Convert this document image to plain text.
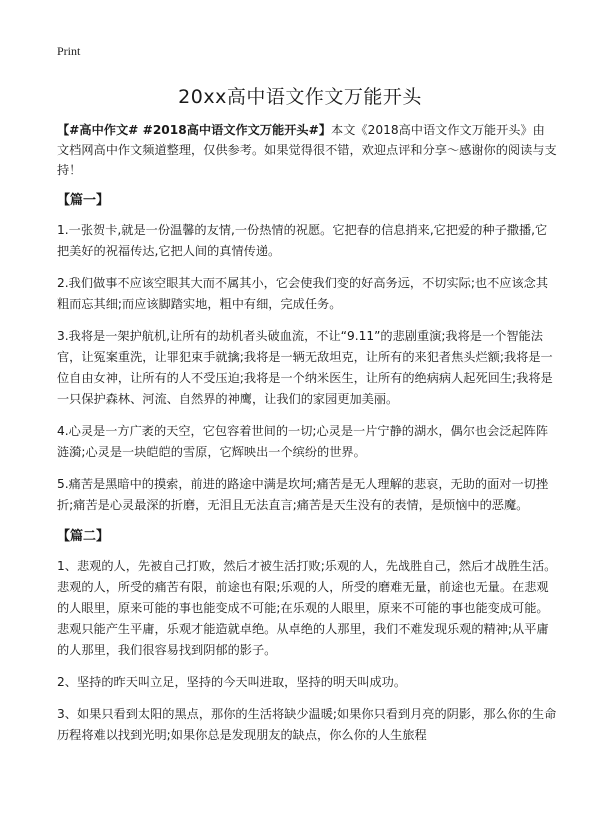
Print
20xx高中语文作文万能开头

【#高中作文# #2018高中语文作文万能开头#】本文《2018高中语文作文万能开头》由文档网高中作文频道整理，仅供参考。如果觉得很不错，欢迎点评和分享～感谢你的阅读与支持！

【篇一】

1.一张贺卡,就是一份温馨的友情,一份热情的祝愿。它把春的信息捎来,它把爱的种子撒播,它把美好的祝福传达,它把人间的真情传递。

2.我们做事不应该空眼其大而不属其小，它会使我们变的好高务远，不切实际;也不应该念其粗而忘其细;而应该脚踏实地，粗中有细，完成任务。

3.我将是一架护航机,让所有的劫机者头破血流，不让“9.11”的悲剧重演;我将是一个智能法官，让冤案重洗，让罪犯束手就擒;我将是一辆无敌坦克，让所有的来犯者焦头烂额;我将是一位自由女神，让所有的人不受压迫;我将是一个纳米医生，让所有的绝病病人起死回生;我将是一只保护森林、河流、自然界的神鹰，让我们的家园更加美丽。

4.心灵是一方广袤的天空，它包容着世间的一切;心灵是一片宁静的湖水，偶尔也会泛起阵阵涟漪;心灵是一块皑皑的雪原，它辉映出一个缤纷的世界。

5.痛苦是黑暗中的摸索，前进的路途中满是坎坷;痛苦是无人理解的悲哀，无助的面对一切挫折;痛苦是心灵最深的折磨，无泪且无法直言;痛苦是天生没有的表情，是烦恼中的恶魔。

【篇二】

1、悲观的人，先被自己打败，然后才被生活打败;乐观的人，先战胜自己，然后才战胜生活。悲观的人，所受的痛苦有限，前途也有限;乐观的人，所受的磨难无量，前途也无量。在悲观的人眼里，原来可能的事也能变成不可能;在乐观的人眼里，原来不可能的事也能变成可能。悲观只能产生平庸，乐观才能造就卓绝。从卓绝的人那里，我们不难发现乐观的精神;从平庸的人那里，我们很容易找到阴郁的影子。

2、坚持的昨天叫立足，坚持的今天叫进取，坚持的明天叫成功。

3、如果只看到太阳的黑点，那你的生活将缺少温暖;如果你只看到月亮的阴影，那么你的生命历程将难以找到光明;如果你总是发现朋友的缺点，你么你的人生旅程
